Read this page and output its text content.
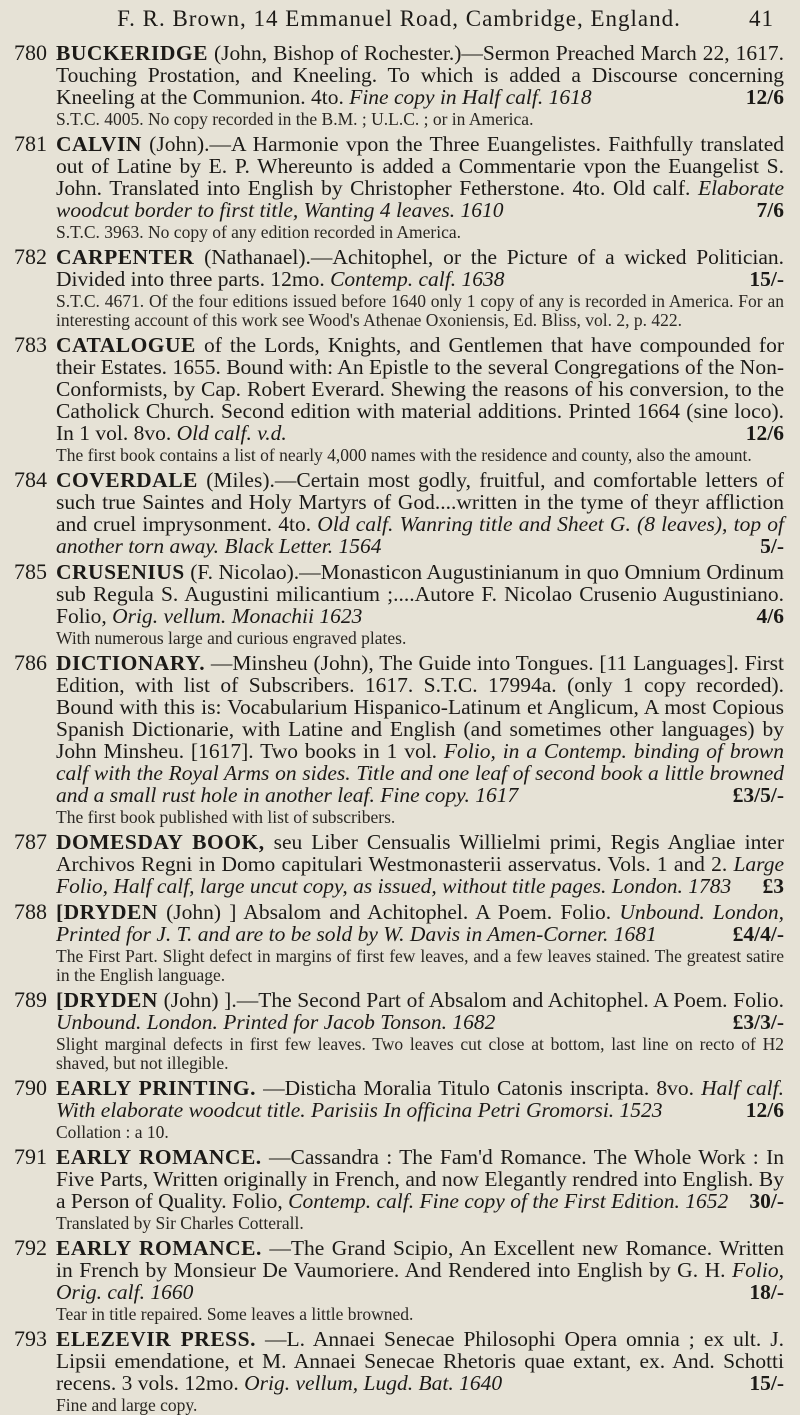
F. R. Brown, 14 Emmanuel Road, Cambridge, England.	41
780 BUCKERIDGE (John, Bishop of Rochester.)—Sermon Preached March 22, 1617. Touching Prostation, and Kneeling. To which is added a Discourse concerning Kneeling at the Communion. 4to. Fine copy in Half calf. 1618	12/6
S.T.C. 4005. No copy recorded in the B.M. ; U.L.C. ; or in America.
781 CALVIN (John).—A Harmonie vpon the Three Euangelistes. Faithfully translated out of Latine by E. P. Whereunto is added a Commentarie vpon the Euangelist S. John. Translated into English by Christopher Fetherstone. 4to. Old calf. Elaborate woodcut border to first title, Wanting 4 leaves. 1610	7/6
S.T.C. 3963. No copy of any edition recorded in America.
782 CARPENTER (Nathanael).—Achitophel, or the Picture of a wicked Politician. Divided into three parts. 12mo. Contemp. calf. 1638	15/-
S.T.C. 4671. Of the four editions issued before 1640 only 1 copy of any is recorded in America. For an interesting account of this work see Wood's Athenae Oxoniensis, Ed. Bliss, vol. 2, p. 422.
783 CATALOGUE of the Lords, Knights, and Gentlemen that have compounded for their Estates. 1655. Bound with: An Epistle to the several Congregations of the Non-Conformists, by Cap. Robert Everard. Shewing the reasons of his conversion, to the Catholick Church. Second edition with material additions. Printed 1664 (sine loco). In 1 vol. 8vo. Old calf. v.d.	12/6
The first book contains a list of nearly 4,000 names with the residence and county, also the amount.
784 COVERDALE (Miles).—Certain most godly, fruitful, and comfortable letters of such true Saintes and Holy Martyrs of God....written in the tyme of theyr affliction and cruel imprysonment. 4to. Old calf. Wanring title and Sheet G. (8 leaves), top of another torn away. Black Letter. 1564	5/-
785 CRUSENIUS (F. Nicolao).—Monasticon Augustinianum in quo Omnium Ordinum sub Regula S. Augustini milicantium ;....Autore F. Nicolao Crusenio Augustiniano. Folio, Orig. vellum. Monachii 1623	4/6
With numerous large and curious engraved plates.
786 DICTIONARY. —Minsheu (John), The Guide into Tongues. [11 Languages]. First Edition, with list of Subscribers. 1617. S.T.C. 17994a. (only 1 copy recorded). Bound with this is: Vocabularium Hispanico-Latinum et Anglicum, A most Copious Spanish Dictionarie, with Latine and English (and sometimes other languages) by John Minsheu. [1617]. Two books in 1 vol. Folio, in a Contemp. binding of brown calf with the Royal Arms on sides. Title and one leaf of second book a little browned and a small rust hole in another leaf. Fine copy. 1617	£3/5/-
The first book published with list of subscribers.
787 DOMESDAY BOOK, seu Liber Censualis Willielmi primi, Regis Angliae inter Archivos Regni in Domo capitulari Westmonasterii asservatus. Vols. 1 and 2. Large Folio, Half calf, large uncut copy, as issued, without title pages. London. 1783 £3
788 [DRYDEN (John) ] Absalom and Achitophel. A Poem. Folio. Unbound. London, Printed for J. T. and are to be sold by W. Davis in Amen-Corner. 1681	£4/4/-
The First Part. Slight defect in margins of first few leaves, and a few leaves stained. The greatest satire in the English language.
789 [DRYDEN (John) ].—The Second Part of Absalom and Achitophel. A Poem. Folio. Unbound. London. Printed for Jacob Tonson. 1682	£3/3/-
Slight marginal defects in first few leaves. Two leaves cut close at bottom, last line on recto of H2 shaved, but not illegible.
790 EARLY PRINTING. —Disticha Moralia Titulo Catonis inscripta. 8vo. Half calf. With elaborate woodcut title. Parisiis In officina Petri Gromorsi. 1523	12/6
Collation : a 10.
791 EARLY ROMANCE. —Cassandra : The Fam'd Romance. The Whole Work : In Five Parts, Written originally in French, and now Elegantly rendred into English. By a Person of Quality. Folio, Contemp. calf. Fine copy of the First Edition. 1652 30/-
Translated by Sir Charles Cotterall.
792 EARLY ROMANCE. —The Grand Scipio, An Excellent new Romance. Written in French by Monsieur De Vaumoriere. And Rendered into English by G. H. Folio, Orig. calf. 1660	18/-
Tear in title repaired. Some leaves a little browned.
793 ELEZEVIR PRESS. —L. Annaei Senecae Philosophi Opera omnia ; ex ult. J. Lipsii emendatione, et M. Annaei Senecae Rhetoris quae extant, ex. And. Schotti recens. 3 vols. 12mo. Orig. vellum, Lugd. Bat. 1640	15/-
Fine and large copy.
